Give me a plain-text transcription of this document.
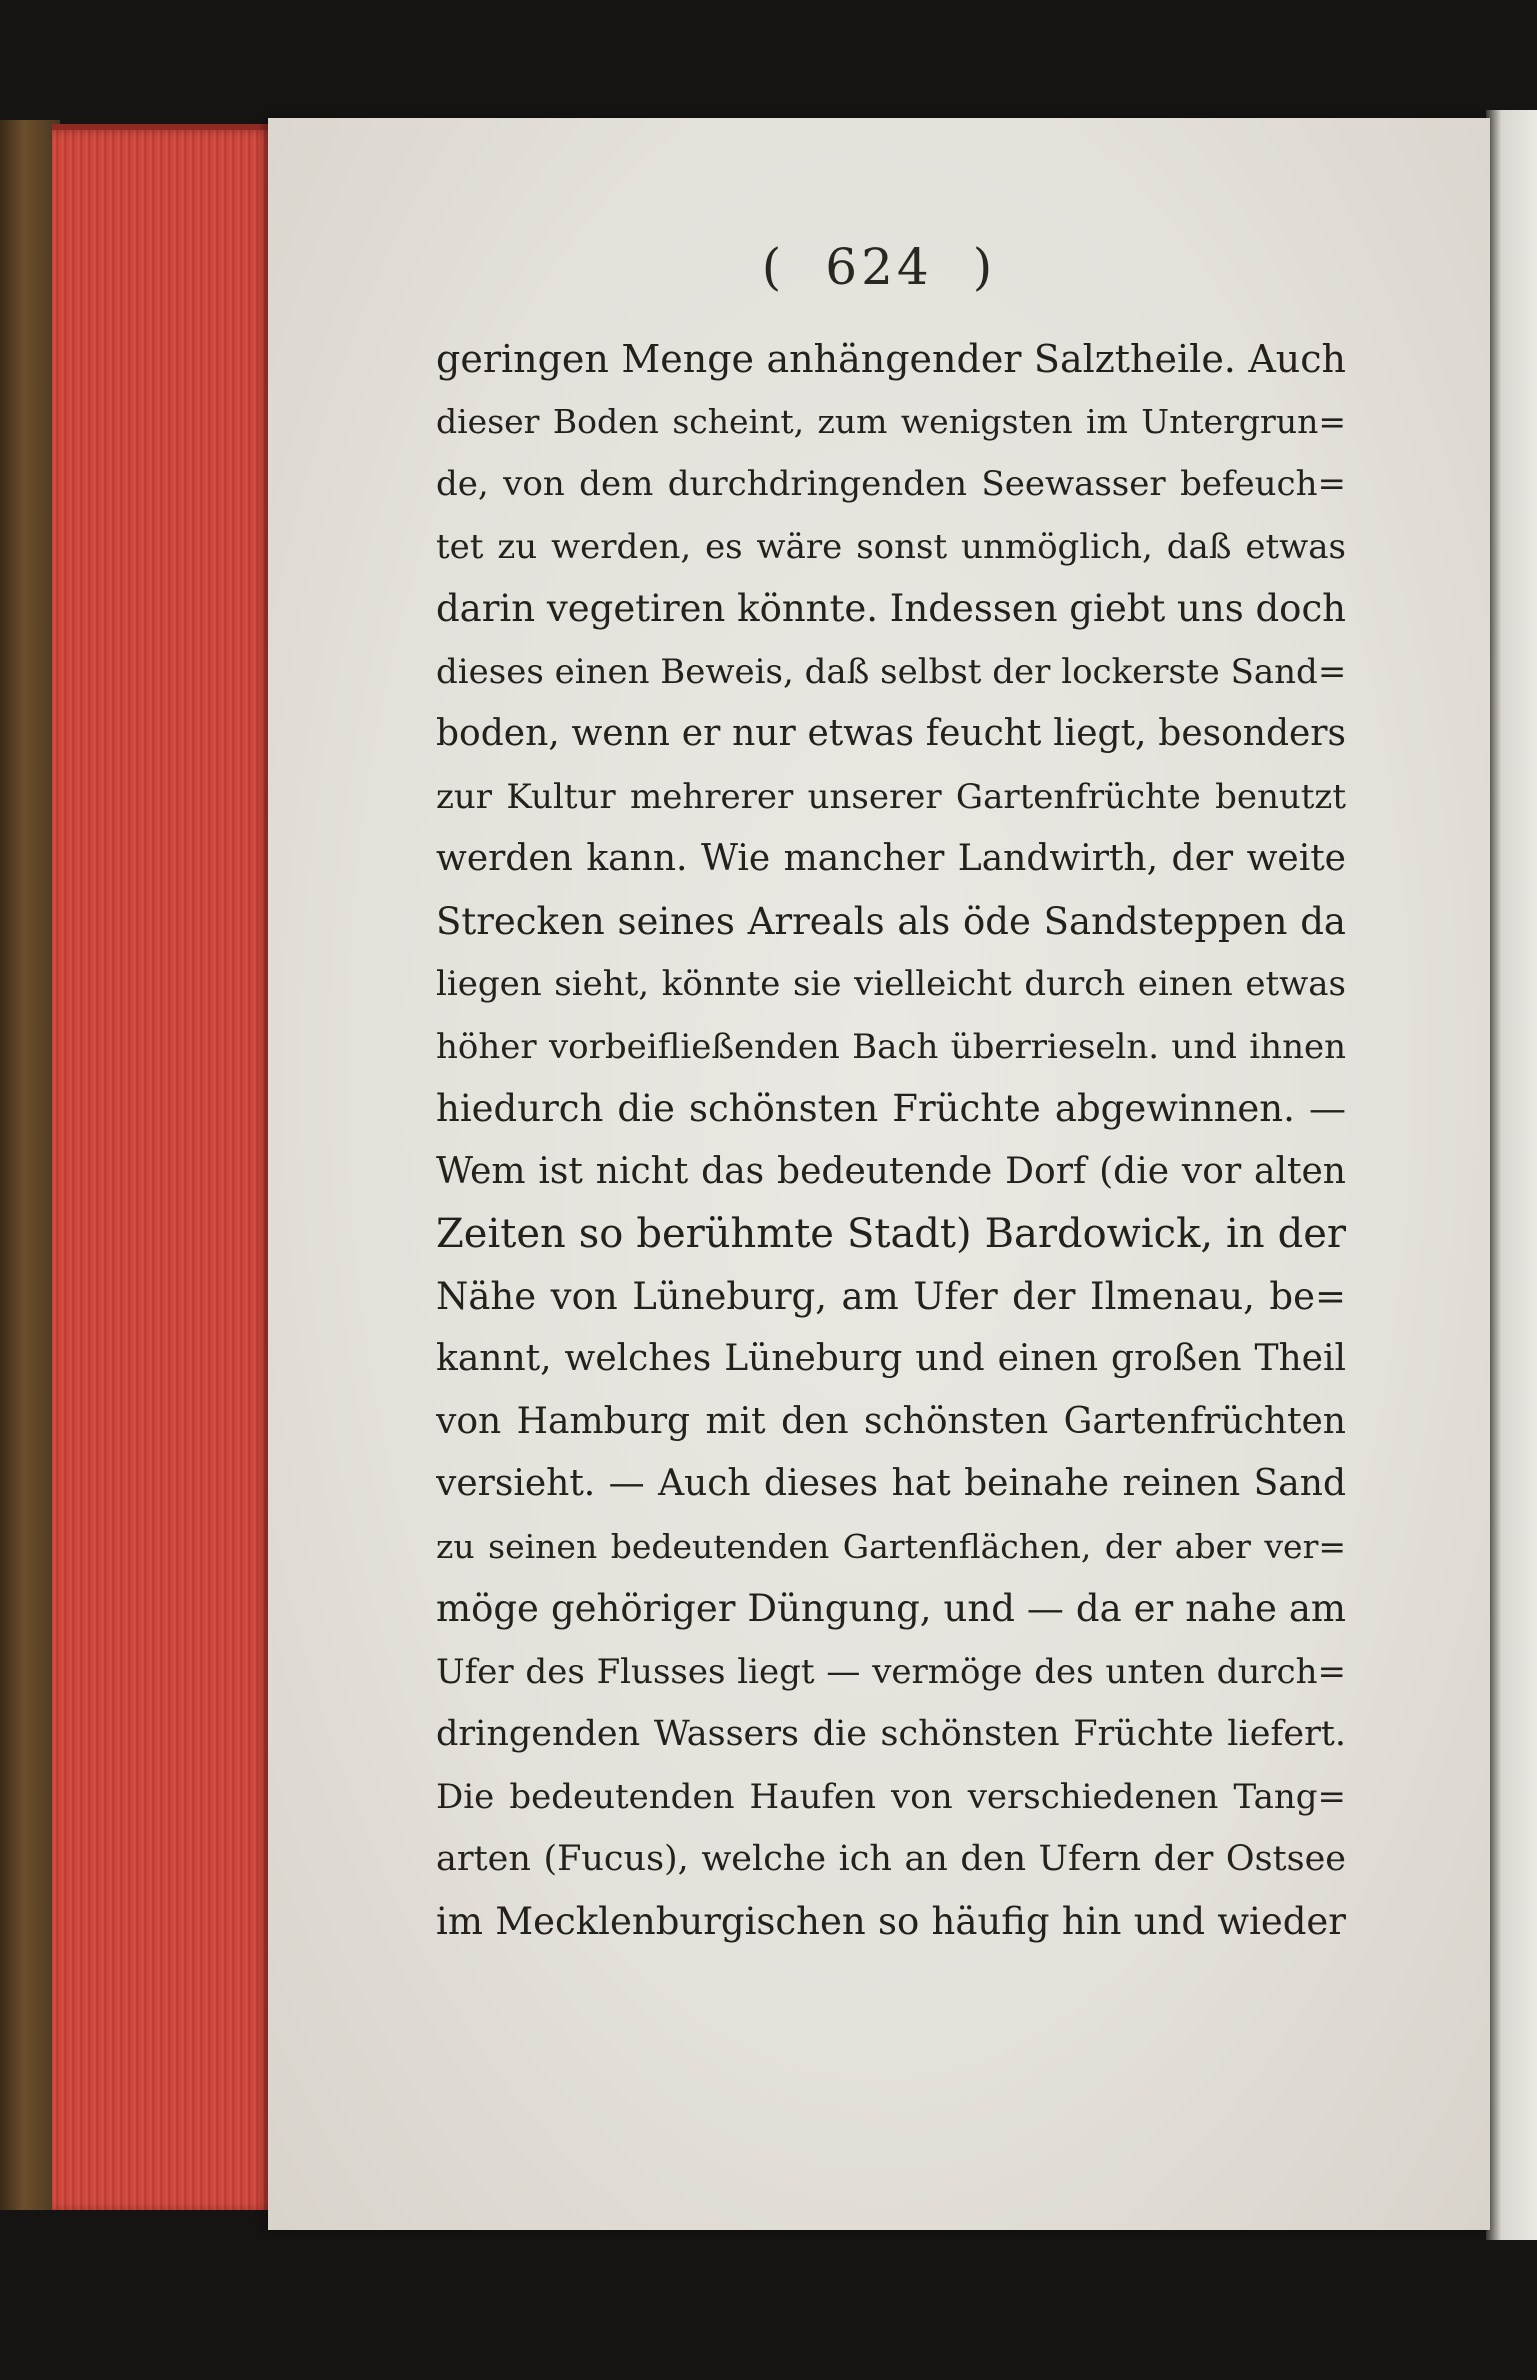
( 624 )
geringen Menge anhängender Salztheile. Auch
dieser Boden scheint, zum wenigsten im Untergrun=
de, von dem durchdringenden Seewasser befeuch=
tet zu werden, es wäre sonst unmöglich, daß etwas
darin vegetiren könnte. Indessen giebt uns doch
dieses einen Beweis, daß selbst der lockerste Sand=
boden, wenn er nur etwas feucht liegt, besonders
zur Kultur mehrerer unserer Gartenfrüchte benutzt
werden kann. Wie mancher Landwirth, der weite
Strecken seines Arreals als öde Sandsteppen da
liegen sieht, könnte sie vielleicht durch einen etwas
höher vorbeifließenden Bach überrieseln. und ihnen
hiedurch die schönsten Früchte abgewinnen. —
Wem ist nicht das bedeutende Dorf (die vor alten
Zeiten so berühmte Stadt) Bardowick, in der
Nähe von Lüneburg, am Ufer der Ilmenau, be=
kannt, welches Lüneburg und einen großen Theil
von Hamburg mit den schönsten Gartenfrüchten
versieht. — Auch dieses hat beinahe reinen Sand
zu seinen bedeutenden Gartenflächen, der aber ver=
möge gehöriger Düngung, und — da er nahe am
Ufer des Flusses liegt — vermöge des unten durch=
dringenden Wassers die schönsten Früchte liefert.
Die bedeutenden Haufen von verschiedenen Tang=
arten (Fucus), welche ich an den Ufern der Ostsee
im Mecklenburgischen so häufig hin und wieder
